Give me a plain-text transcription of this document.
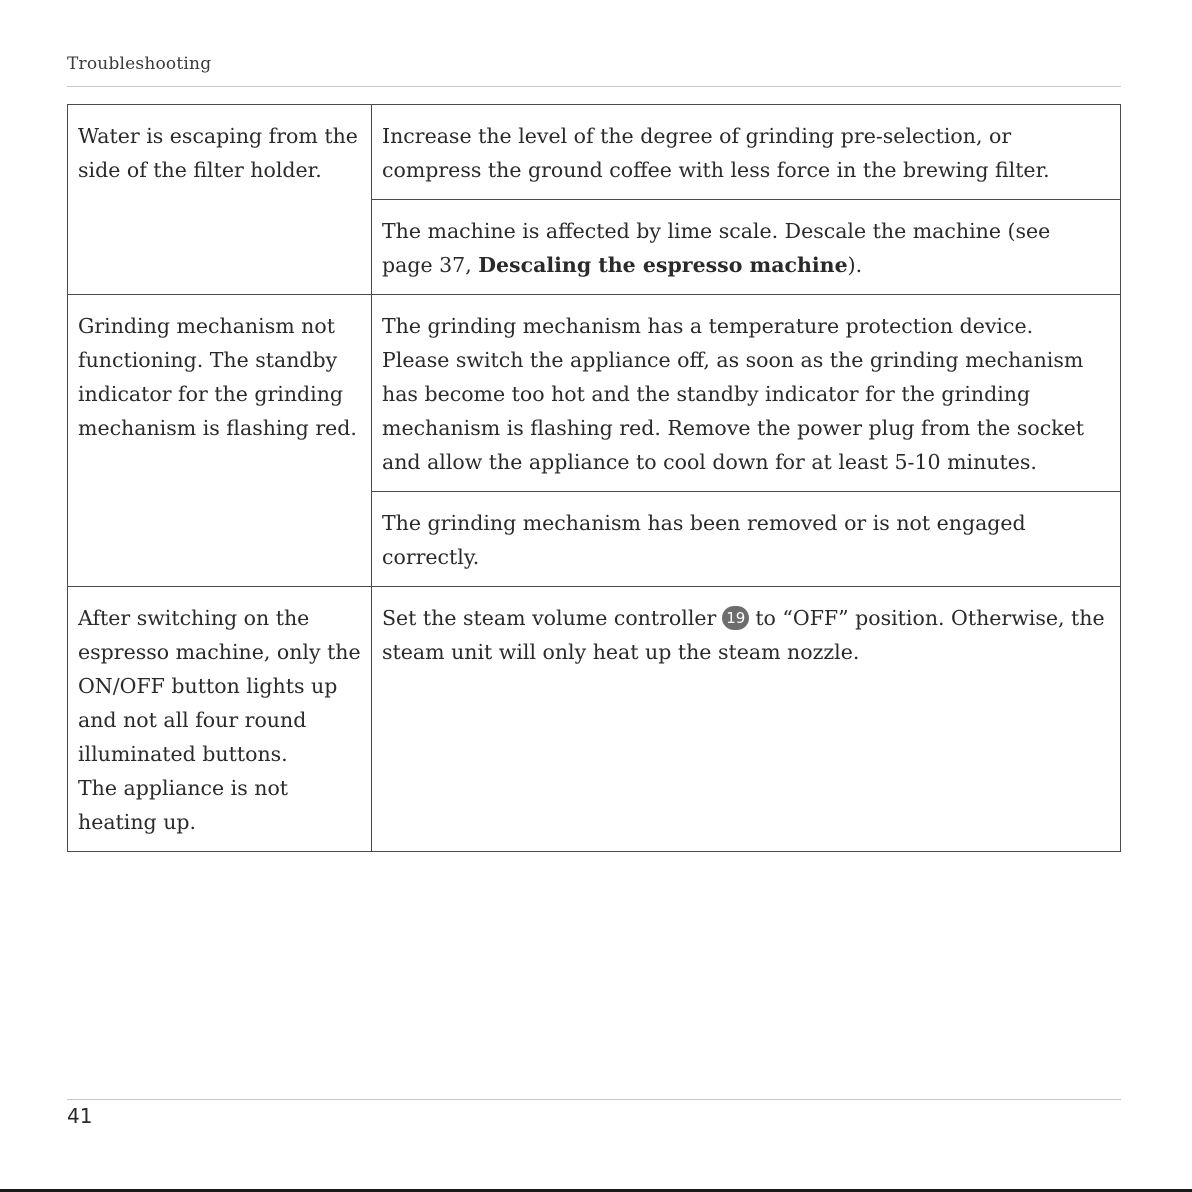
Troubleshooting
Water is escaping from the side of the filter holder.	Increase the level of the degree of grinding pre-selection, or compress the ground coffee with less force in the brewing filter.
	The machine is affected by lime scale. Descale the machine (see page 37, Descaling the espresso machine).
Grinding mechanism not functioning. The standby indicator for the grinding mechanism is flashing red.	The grinding mechanism has a temperature protection device. Please switch the appliance off, as soon as the grinding mechanism has become too hot and the standby indicator for the grinding mechanism is flashing red. Remove the power plug from the socket and allow the appliance to cool down for at least 5-10 minutes.
	The grinding mechanism has been removed or is not engaged correctly.

After switching on the espresso machine, only the ON/OFF button lights up and not all four round illuminated buttons.
The appliance is not heating up.	Set the steam volume controller 19 to “OFF” position. Otherwise, the steam unit will only heat up the steam nozzle.
41
